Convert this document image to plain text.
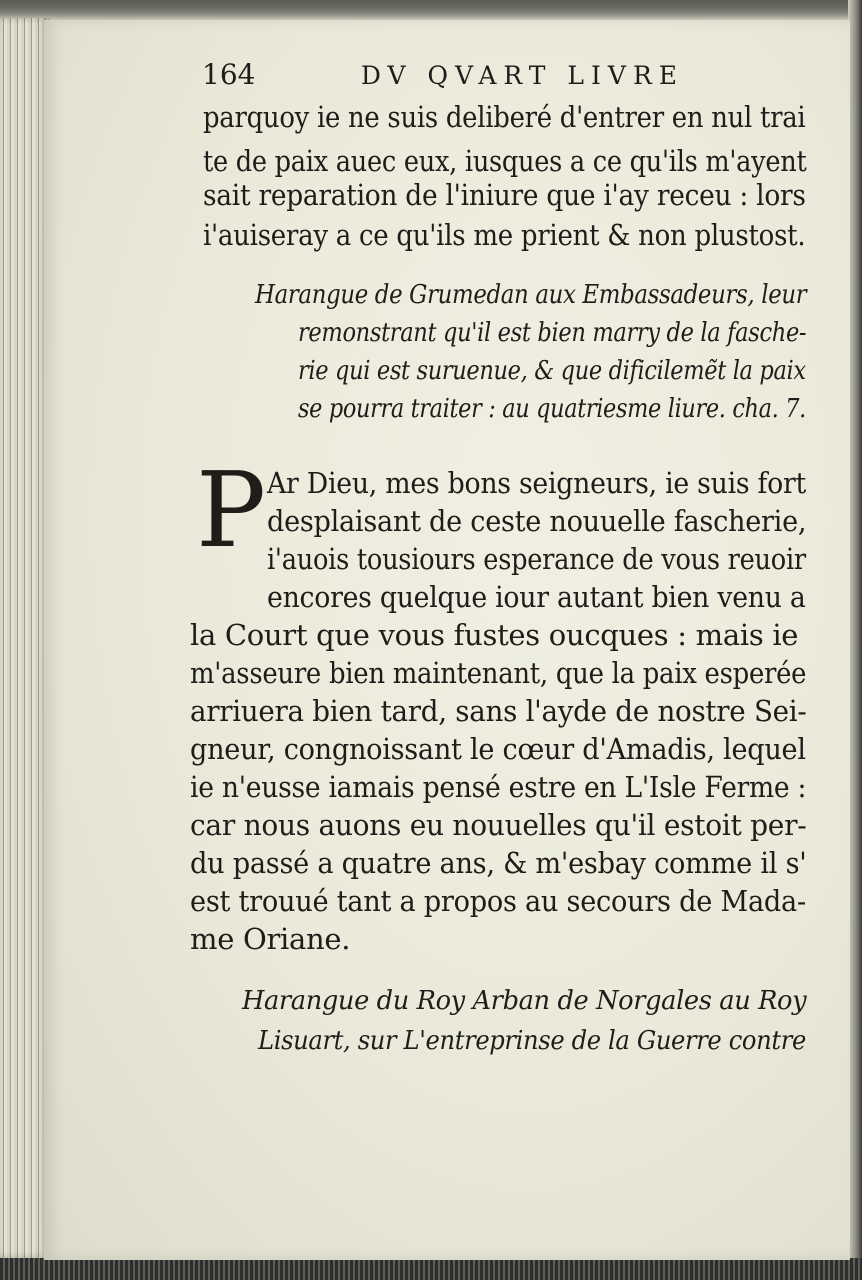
164	DV QVART LIVRE
parquoy ie ne suis deliberé d'entrer en nul trai
te de paix auec eux, iusques a ce qu'ils m'ayent
sait reparation de l'iniure que i'ay receu : lors
i'auiseray a ce qu'ils me prient & non plustost.
Harangue de Grumedan aux Embassadeurs, leur
remonstrant qu'il est bien marry de la fasche-
rie qui est suruenue, & que dificilemẽt la paix
se pourra traiter : au quatriesme liure. cha. 7.
P Ar Dieu, mes bons seigneurs, ie suis fort
desplaisant de ceste nouuelle fascherie,
i'auois tousiours esperance de vous reuoir
encores quelque iour autant bien venu a
la Court que vous fustes oucques : mais ie
m'asseure bien maintenant, que la paix esperée
arriuera bien tard, sans l'ayde de nostre Sei-
gneur, congnoissant le cœur d'Amadis, lequel
ie n'eusse iamais pensé estre en L'Isle Ferme :
car nous auons eu nouuelles qu'il estoit per-
du passé a quatre ans, & m'esbay comme il s'
est trouué tant a propos au secours de Mada-
me Oriane.
Harangue du Roy Arban de Norgales au Roy
Lisuart, sur L'entreprinse de la Guerre contre
